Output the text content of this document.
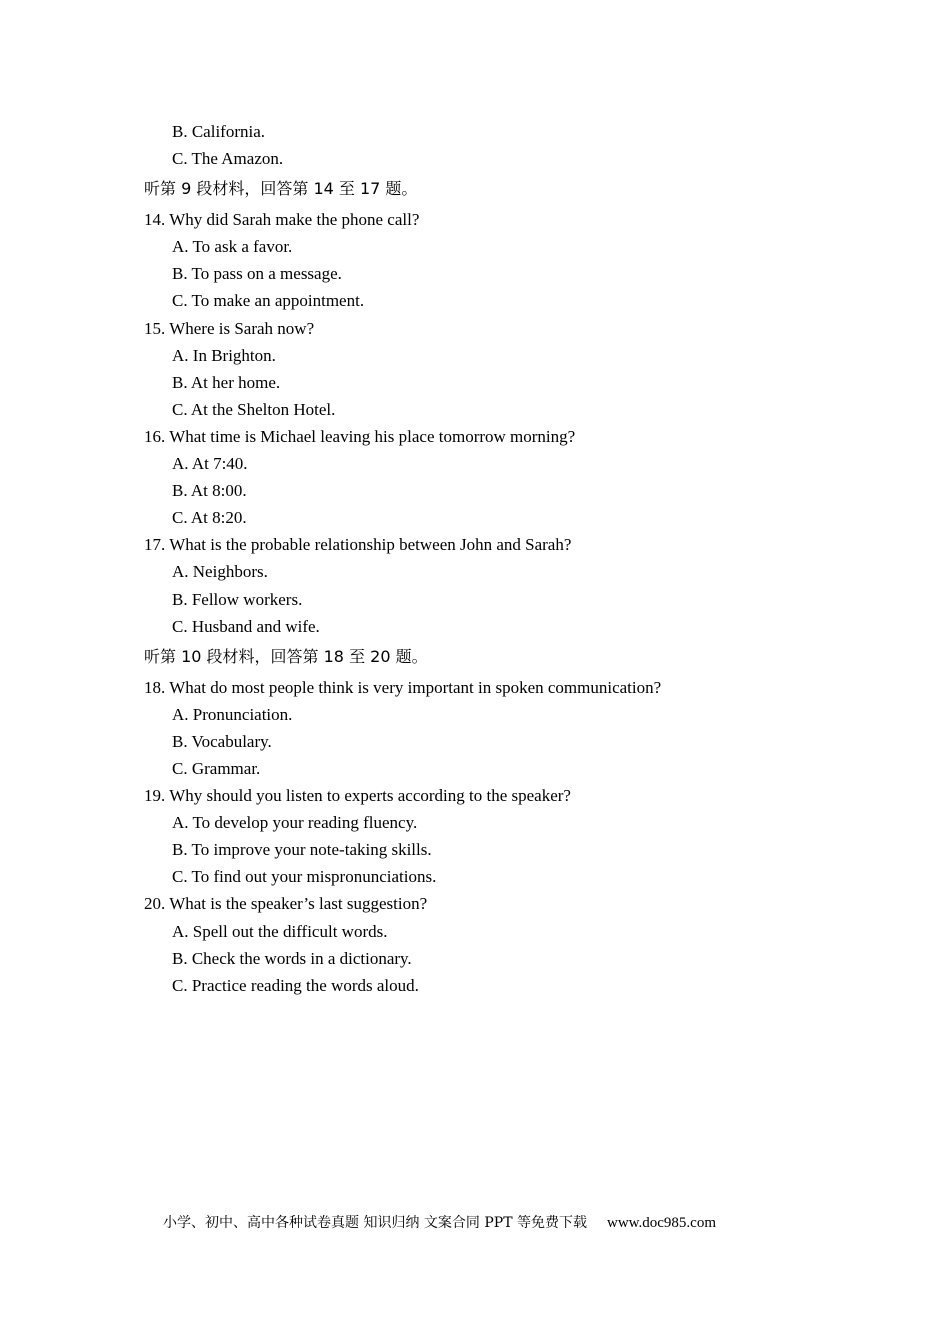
B. California.
C. The Amazon.
听第 9 段材料，回答第 14 至 17 题。
14. Why did Sarah make the phone call?
A. To ask a favor.
B. To pass on a message.
C. To make an appointment.
15. Where is Sarah now?
A. In Brighton.
B. At her home.
C. At the Shelton Hotel.
16. What time is Michael leaving his place tomorrow morning?
A. At 7:40.
B. At 8:00.
C. At 8:20.
17. What is the probable relationship between John and Sarah?
A. Neighbors.
B. Fellow workers.
C. Husband and wife.
听第 10 段材料，回答第 18 至 20 题。
18. What do most people think is very important in spoken communication?
A. Pronunciation.
B. Vocabulary.
C. Grammar.
19. Why should you listen to experts according to the speaker?
A. To develop your reading fluency.
B. To improve your note-taking skills.
C. To find out your mispronunciations.
20. What is the speaker’s last suggestion?
A. Spell out the difficult words.
B. Check the words in a dictionary.
C. Practice reading the words aloud.
小学、初中、高中各种试卷真题 知识归纳 文案合同 PPT 等免费下载 www.doc985.com
